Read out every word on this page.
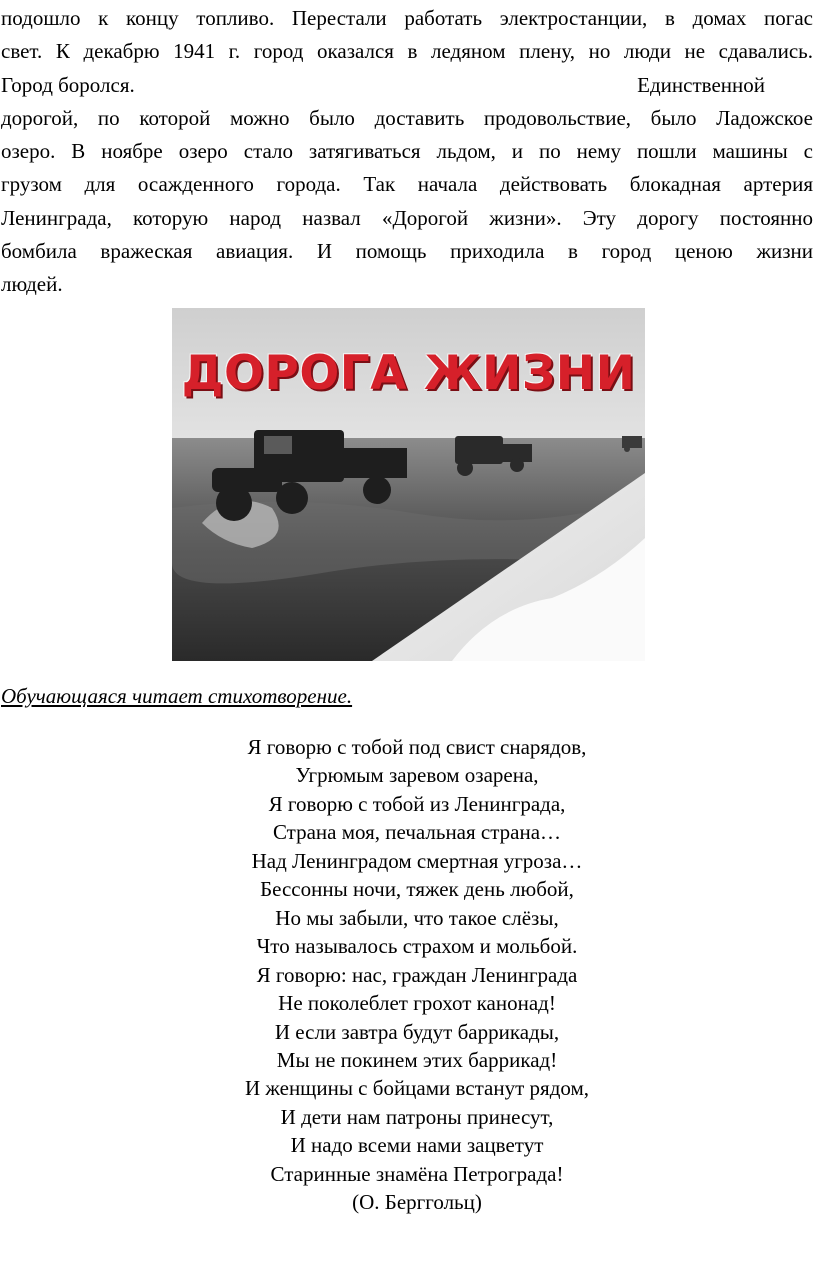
подошло к концу топливо. Перестали работать электростанции, в домах погас
свет. К декабрю 1941 г. город оказался в ледяном плену, но люди не сдавались.
Город боролся.	Единственной
дорогой, по которой можно было доставить продовольствие, было Ладожское
озеро. В ноябре озеро стало затягиваться льдом, и по нему пошли машины с
грузом для осажденного города. Так начала действовать блокадная артерия
Ленинграда, которую народ назвал «Дорогой жизни». Эту дорогу постоянно
бомбила вражеская авиация. И помощь приходила в город ценою жизни
людей.
ДОРОГА ЖИЗНИ

Обучающаяся читает стихотворение.

Я говорю с тобой под свист снарядов,
Угрюмым заревом озарена,
Я говорю с тобой из Ленинграда,
Страна моя, печальная страна…
Над Ленинградом смертная угроза…
Бессонны ночи, тяжек день любой,
Но мы забыли, что такое слёзы,
Что называлось страхом и мольбой.
Я говорю: нас, граждан Ленинграда
Не поколеблет грохот канонад!
И если завтра будут баррикады,
Мы не покинем этих баррикад!
И женщины с бойцами встанут рядом,
И дети нам патроны принесут,
И надо всеми нами зацветут
Старинные знамёна Петрограда!
(О. Берггольц)
